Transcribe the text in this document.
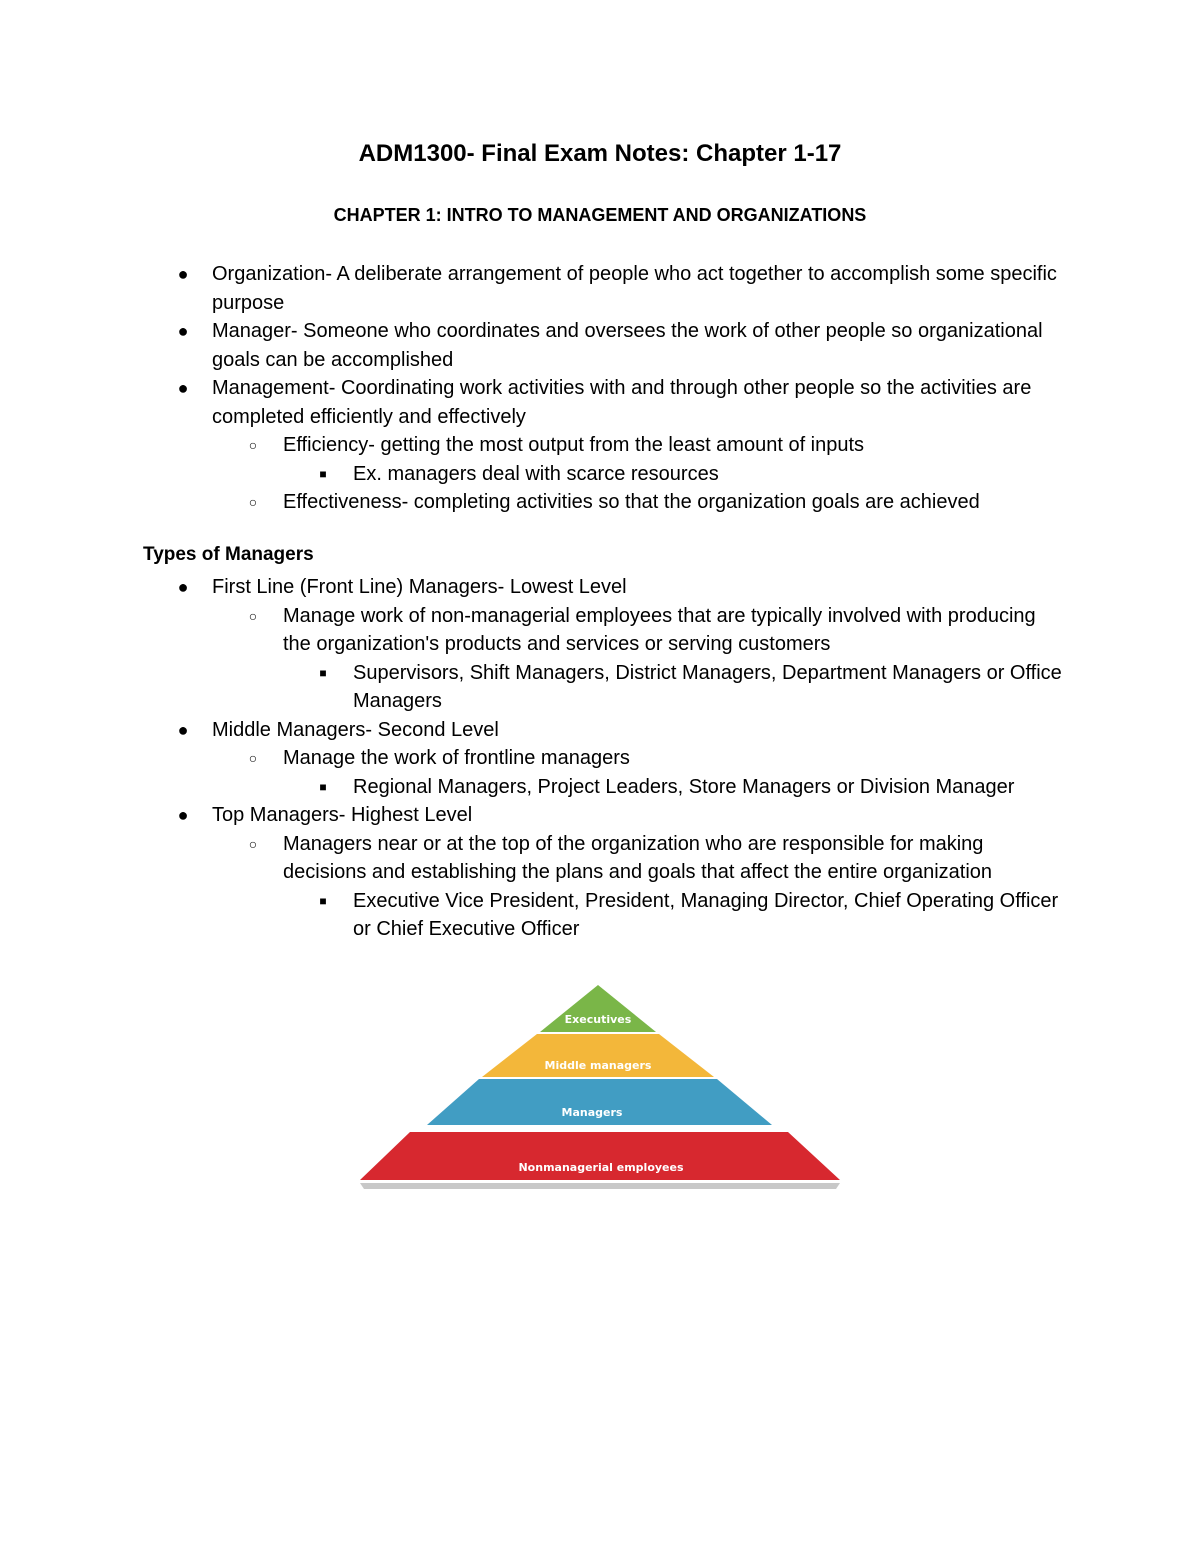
ADM1300- Final Exam Notes: Chapter 1-17
CHAPTER 1: INTRO TO MANAGEMENT AND ORGANIZATIONS
● Organization- A deliberate arrangement of people who act together to accomplish some specific purpose
● Manager- Someone who coordinates and oversees the work of other people so organizational goals can be accomplished
● Management- Coordinating work activities with and through other people so the activities are completed efficiently and effectively
○ Efficiency- getting the most output from the least amount of inputs
■ Ex. managers deal with scarce resources
○ Effectiveness- completing activities so that the organization goals are achieved
Types of Managers
● First Line (Front Line) Managers- Lowest Level
○ Manage work of non-managerial employees that are typically involved with producing the organization's products and services or serving customers
■ Supervisors, Shift Managers, District Managers, Department Managers or Office Managers
● Middle Managers- Second Level
○ Manage the work of frontline managers
■ Regional Managers, Project Leaders, Store Managers or Division Manager
● Top Managers- Highest Level
○ Managers near or at the top of the organization who are responsible for making decisions and establishing the plans and goals that affect the entire organization
■ Executive Vice President, President, Managing Director, Chief Operating Officer or Chief Executive Officer
Executives
Middle managers
Managers
Nonmanagerial employees
